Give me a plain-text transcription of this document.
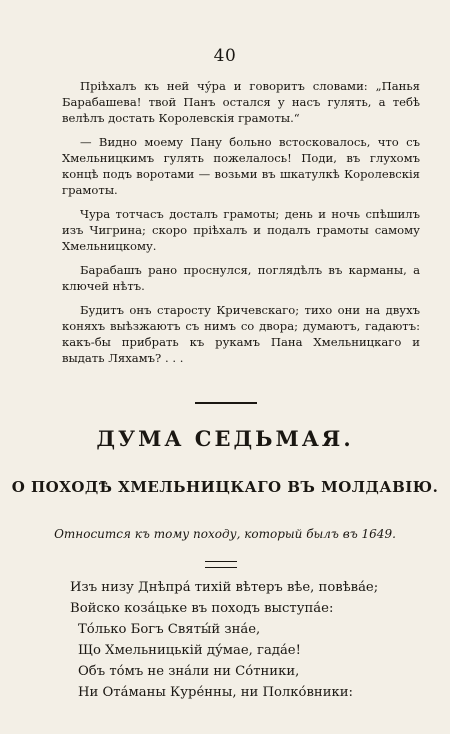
40

Пріѣхалъ къ ней чу́ра и говоритъ словами: „Панья Барабашева! твой Панъ остался у насъ гулять, а тебѣ велѣлъ достать Королевскія грамоты.“

— Видно моему Пану больно встосковалось, что съ Хмельницкимъ гулять пожелалось! Поди, въ глухомъ концѣ подъ воротами — возьми въ шкатулкѣ Королевскія грамоты.

Чура тотчасъ досталъ грамоты; день и ночь спѣшилъ изъ Чигрина; скоро пріѣхалъ и подалъ грамоты самому Хмельницкому.

Барабашъ рано проснулся, поглядѣлъ въ карманы, а ключей нѣтъ.

Будитъ онъ старосту Кричевскаго; тихо они на двухъ коняхъ выѣзжаютъ съ нимъ со двора; думаютъ, гадаютъ: какъ-бы прибрать къ рукамъ Пана Хмельницкаго и выдать Ляхамъ? . . .

ДУМА СЕДЬМАЯ.
О ПОХОДѢ ХМЕЛЬНИЦКАГО ВЪ МОЛДАВІЮ.
Относится къ тому походу, который былъ въ 1649.
Изъ низу Днѣпра́ тихій вѣтеръ вѣе, повѣва́е;
Войско коза́цьке въ походъ выступа́е:
То́лько Богъ Святы́й зна́е,
Що Хмельницькій ду́мае, гада́е!
Объ то́мъ не зна́ли ни Со́тники,
Ни Ота́маны Куре́нны, ни Полко́вники:
